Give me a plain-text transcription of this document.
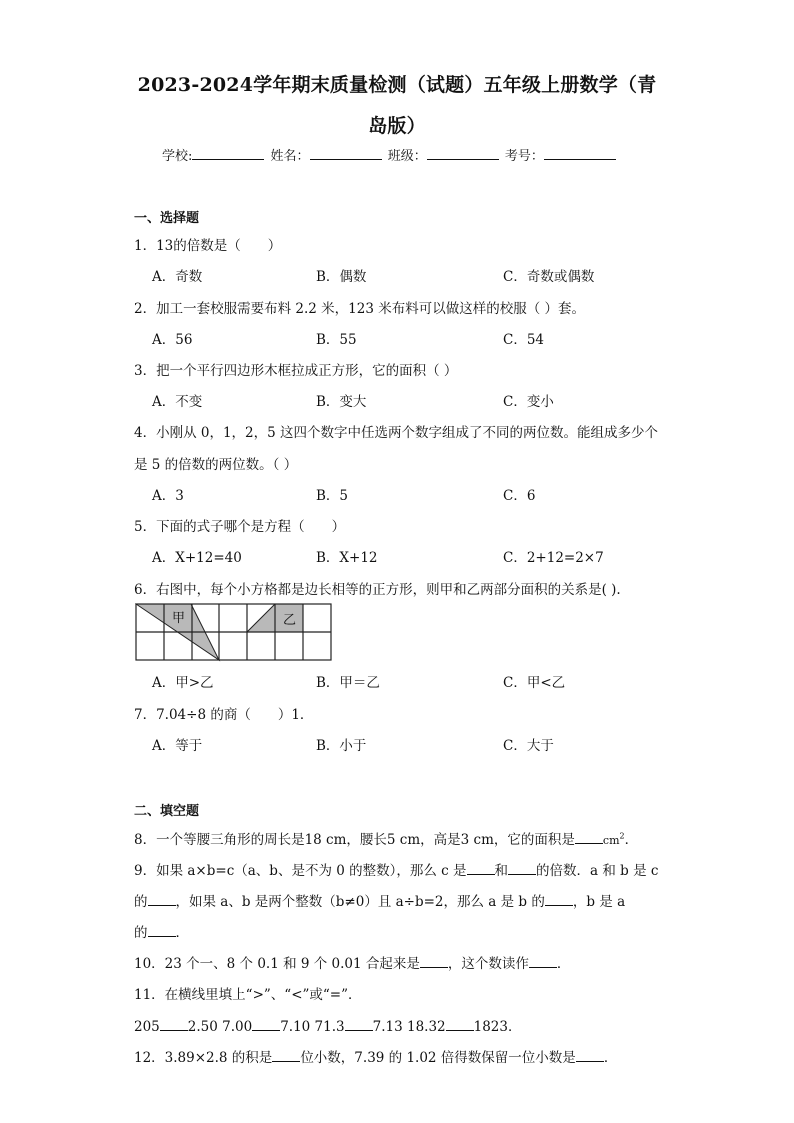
2023-2024学年期末质量检测（试题）五年级上册数学（青
岛版）
学校:	姓名：	班级：	考号：
一、选择题
1．13的倍数是（　　）
A．奇数	B．偶数	C．奇数或偶数
2．加工一套校服需要布料 2.2 米，123 米布料可以做这样的校服（ ）套。
A．56	B．55	C．54
3．把一个平行四边形木框拉成正方形，它的面积（ ）
A．不变	B．变大	C．变小
4．小刚从 0，1，2，5 这四个数字中任选两个数字组成了不同的两位数。能组成多少个
是 5 的倍数的两位数。（ ）
A．3	B．5	C．6
5．下面的式子哪个是方程（　　）
A．X+12=40	B．X+12	C．2+12=2×7
6．右图中，每个小方格都是边长相等的正方形，则甲和乙两部分面积的关系是( ).
甲	乙
A．甲>乙	B．甲＝乙	C．甲<乙
7．7.04÷8 的商（　　）1．
A．等于	B．小于	C．大于
二、填空题
8．一个等腰三角形的周长是18 cm，腰长5 cm，高是3 cm，它的面积是	$cm^2$．
9．如果 a×b=c（a、b、是不为 0 的整数），那么 c 是 和 的倍数．a 和 b 是 c
的 ，如果 a、b 是两个整数（b≠0）且 a÷b=2，那么 a 是 b 的 ，b 是 a
的 ．
10．23 个一、8 个 0.1 和 9 个 0.01 合起来是 ，这个数读作 ．
11．在横线里填上“>”、“<”或“=”．
205 2.50 7.00 7.10 71.3 7.13 18.32 1823．
12．3.89×2.8 的积是 位小数，7.39 的 1.02 倍得数保留一位小数是 ．
